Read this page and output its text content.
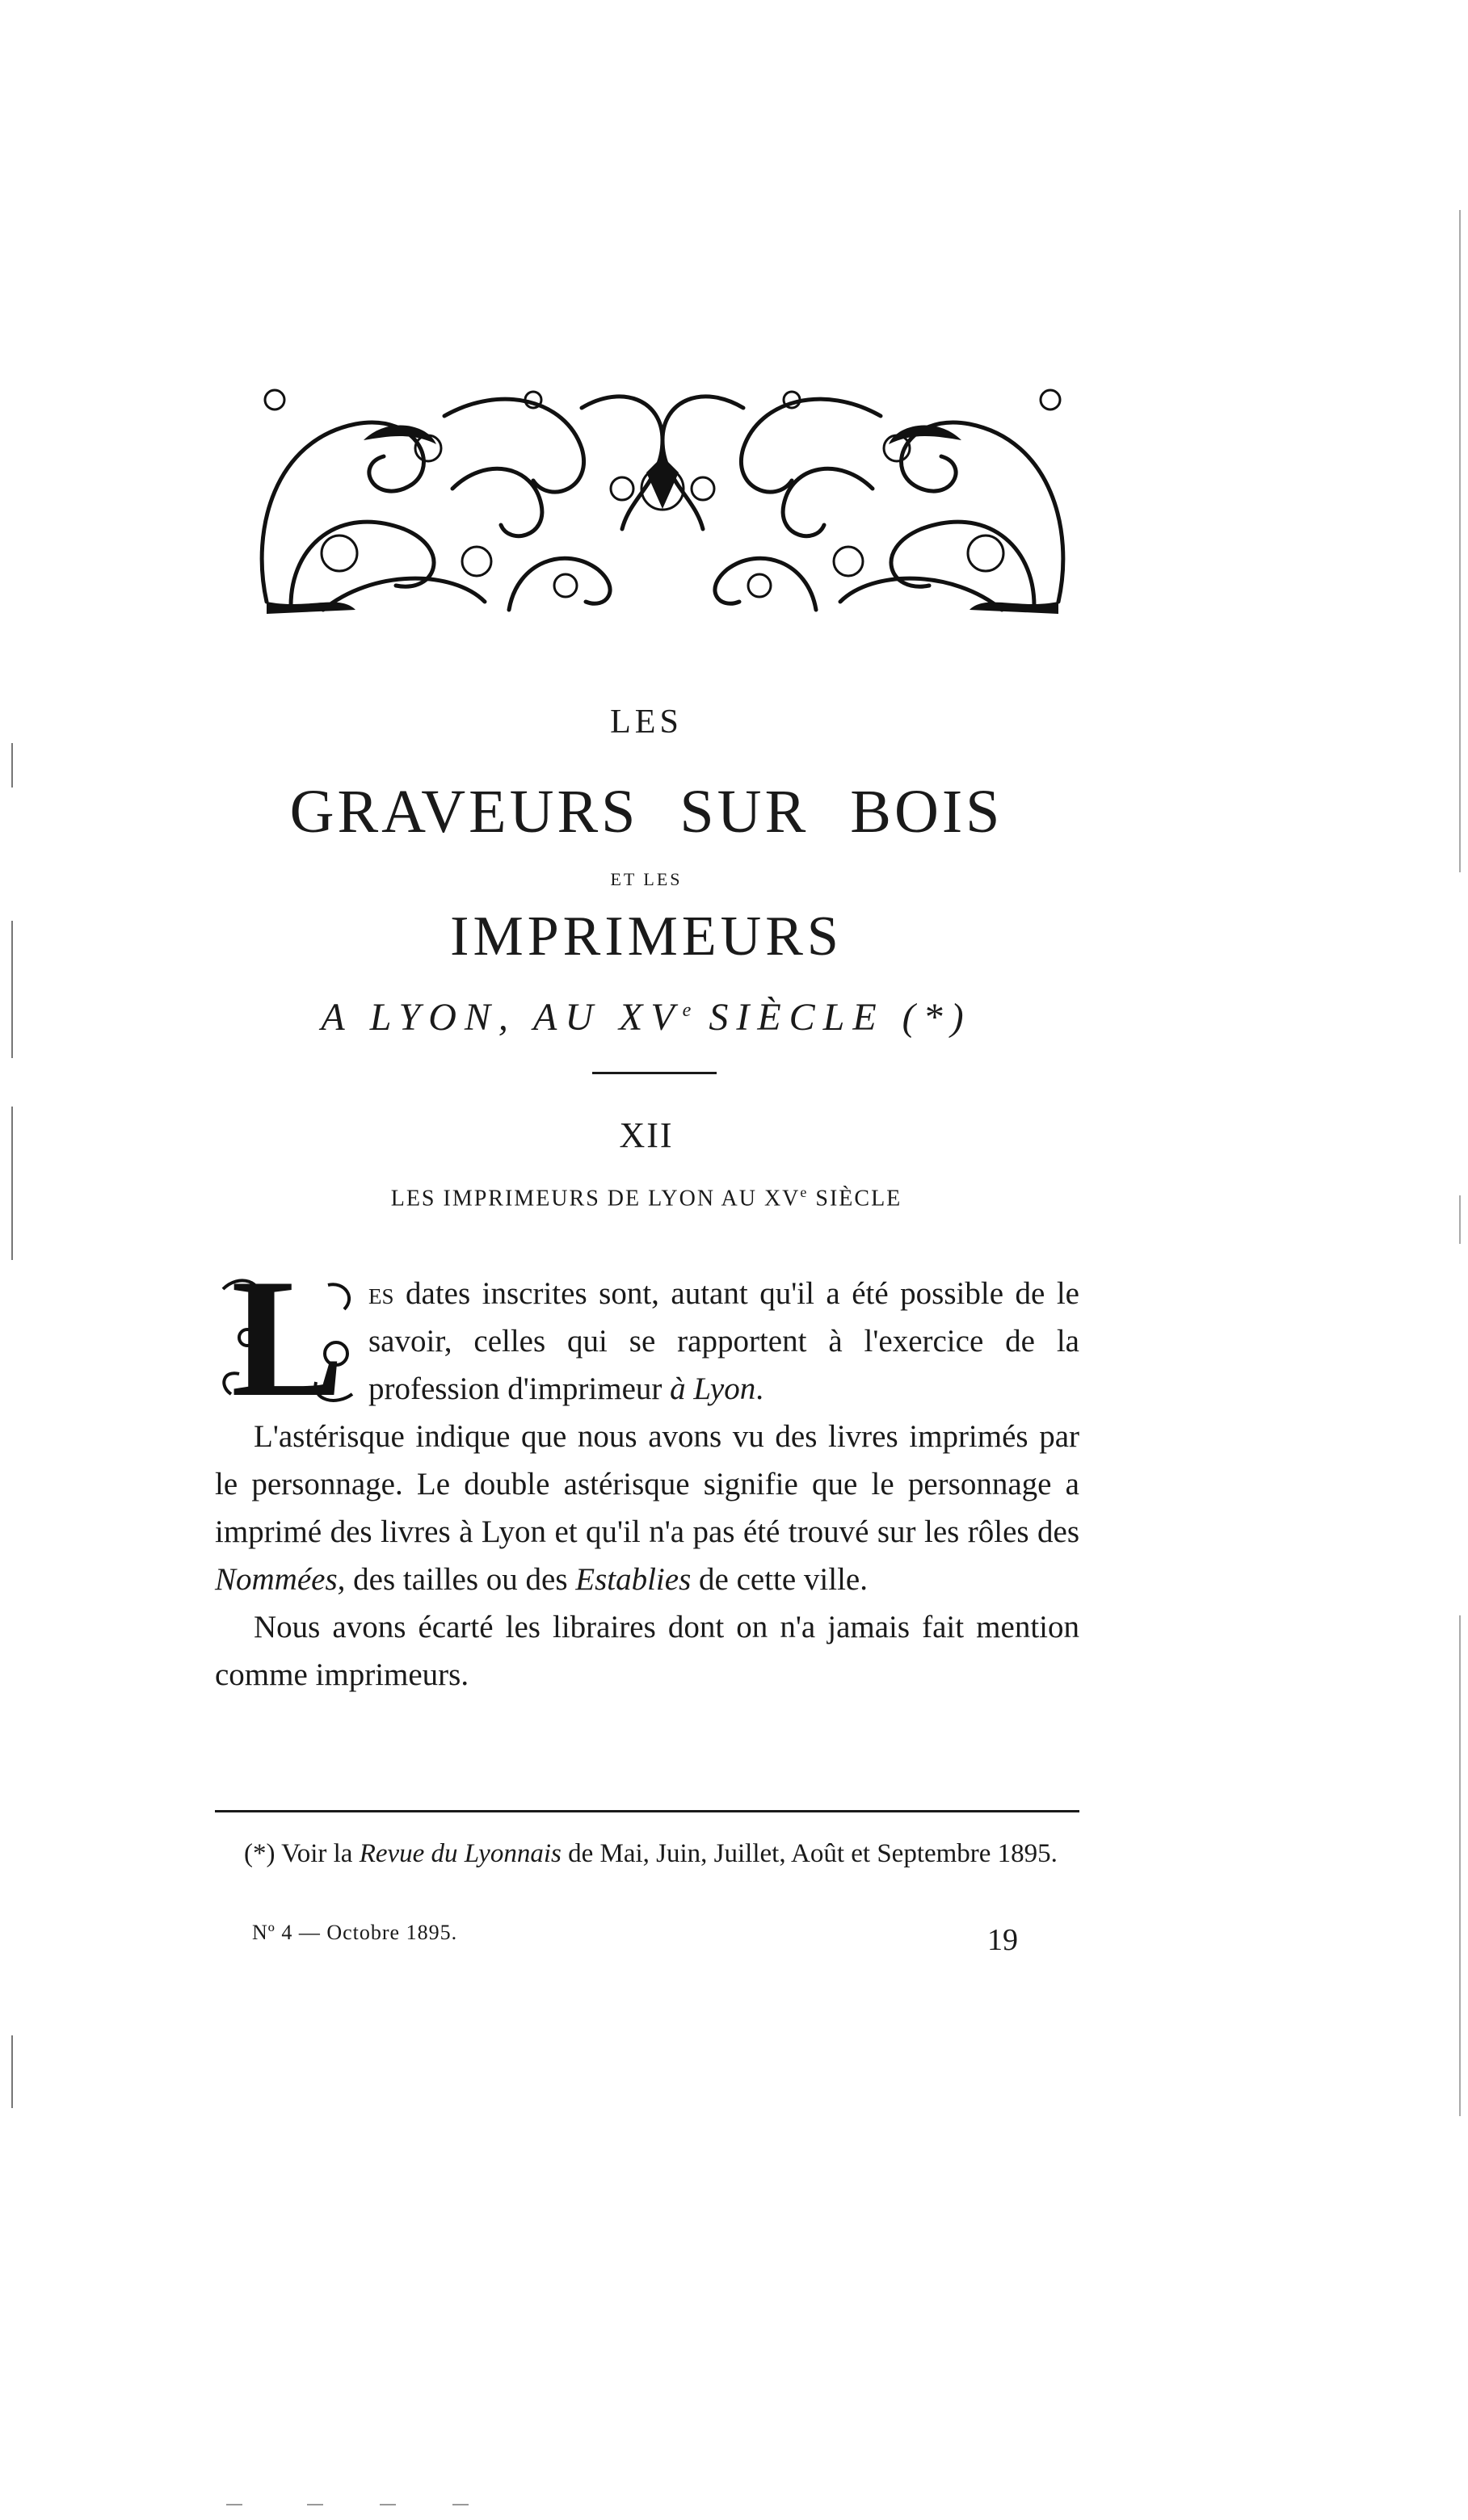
LES
GRAVEURS SUR BOIS
ET LES
IMPRIMEURS
A LYON, AU XVe SIÈCLE (*)
XII
LES IMPRIMEURS DE LYON AU XVe SIÈCLE

L es dates inscrites sont, autant qu'il a été possible de le savoir, celles qui se rapportent à l'exercice de la profession d'imprimeur à Lyon.

L'astérisque indique que nous avons vu des livres imprimés par le personnage. Le double astérisque signifie que le personnage a imprimé des livres à Lyon et qu'il n'a pas été trouvé sur les rôles des Nommées, des tailles ou des Establies de cette ville.

Nous avons écarté les libraires dont on n'a jamais fait mention comme imprimeurs.

(*) Voir la Revue du Lyonnais de Mai, Juin, Juillet, Août et Septembre 1895.
Nº 4 — Octobre 1895.	19
